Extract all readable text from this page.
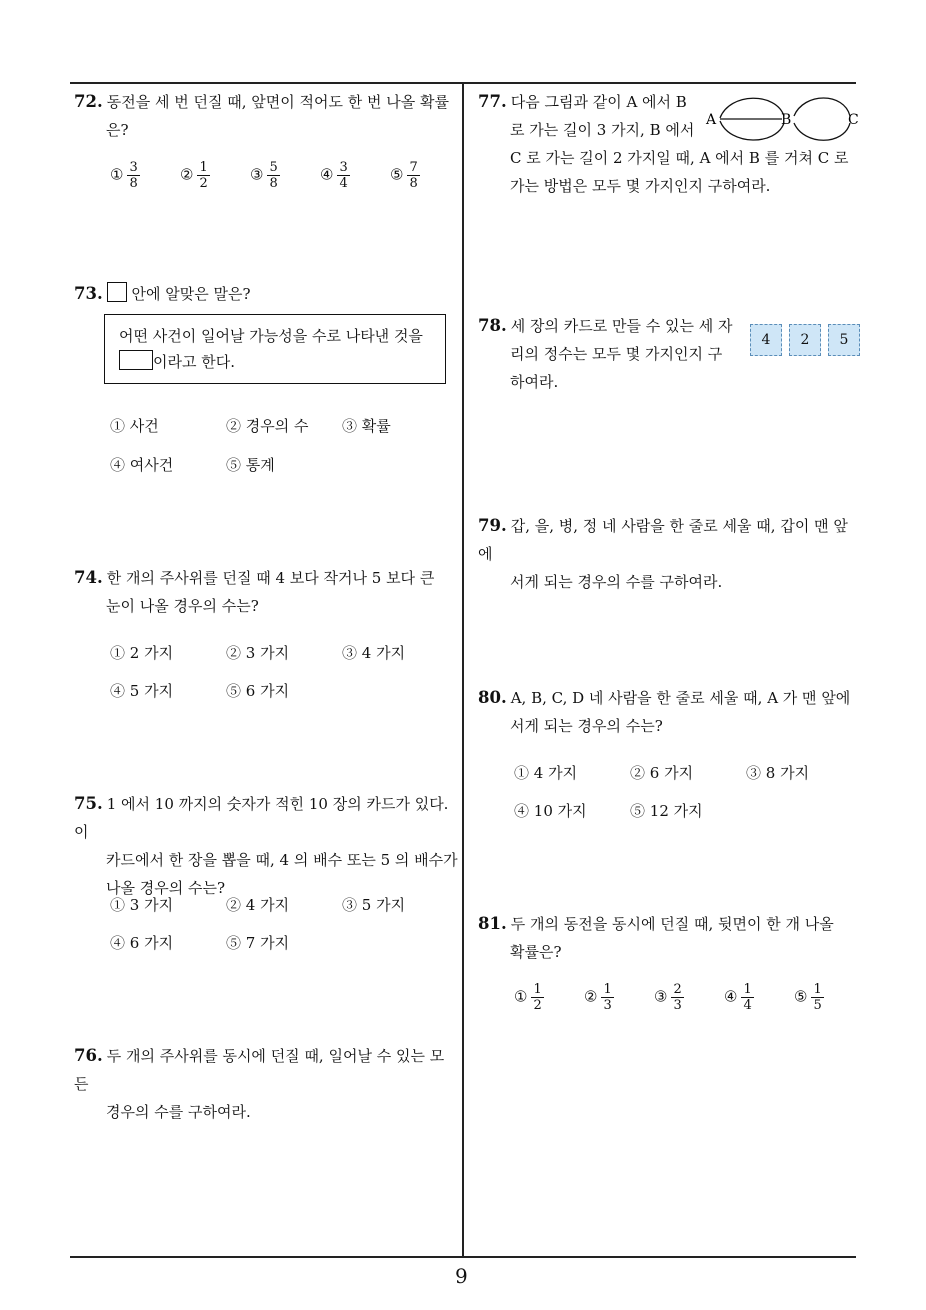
72. 동전을 세 번 던질 때, 앞면이 적어도 한 번 나올 확률
은?
① $\frac{3}{8}$	② $\frac{1}{2}$	③ $\frac{5}{8}$	④ $\frac{3}{4}$	⑤ $\frac{7}{8}$
73. 안에 알맞은 말은?
어떤 사건이 일어날 가능성을 수로 나타낸 것을
이라고 한다.
① 사건	② 경우의 수 ③ 확률
④ 여사건	⑤ 통계
74. 한 개의 주사위를 던질 때 4 보다 작거나 5 보다 큰
눈이 나올 경우의 수는?
① 2 가지	② 3 가지	③ 4 가지
④ 5 가지	⑤ 6 가지
75. 1 에서 10 까지의 숫자가 적힌 10 장의 카드가 있다. 이
카드에서 한 장을 뽑을 때, 4 의 배수 또는 5 의 배수가
나올 경우의 수는?
① 3 가지	② 4 가지	③ 5 가지
④ 6 가지	⑤ 7 가지
76. 두 개의 주사위를 동시에 던질 때, 일어날 수 있는 모든
경우의 수를 구하여라.
77. 다음 그림과 같이 A 에서 B
로 가는 길이 3 가지, B 에서
C 로 가는 길이 2 가지일 때, A 에서 B 를 거쳐 C 로
가는 방법은 모두 몇 가지인지 구하여라.
A	B	C
78. 세 장의 카드로 만들 수 있는 세 자
리의 정수는 모두 몇 가지인지 구
하여라.
4	2	5
79. 갑, 을, 병, 정 네 사람을 한 줄로 세울 때, 갑이 맨 앞에
서게 되는 경우의 수를 구하여라.
80. A, B, C, D 네 사람을 한 줄로 세울 때, A 가 맨 앞에
서게 되는 경우의 수는?
① 4 가지	② 6 가지	③ 8 가지
④ 10 가지	⑤ 12 가지
81. 두 개의 동전을 동시에 던질 때, 뒷면이 한 개 나올
확률은?
① $\frac{1}{2}$	② $\frac{1}{3}$	③ $\frac{2}{3}$	④ $\frac{1}{4}$	⑤ $\frac{1}{5}$
9
